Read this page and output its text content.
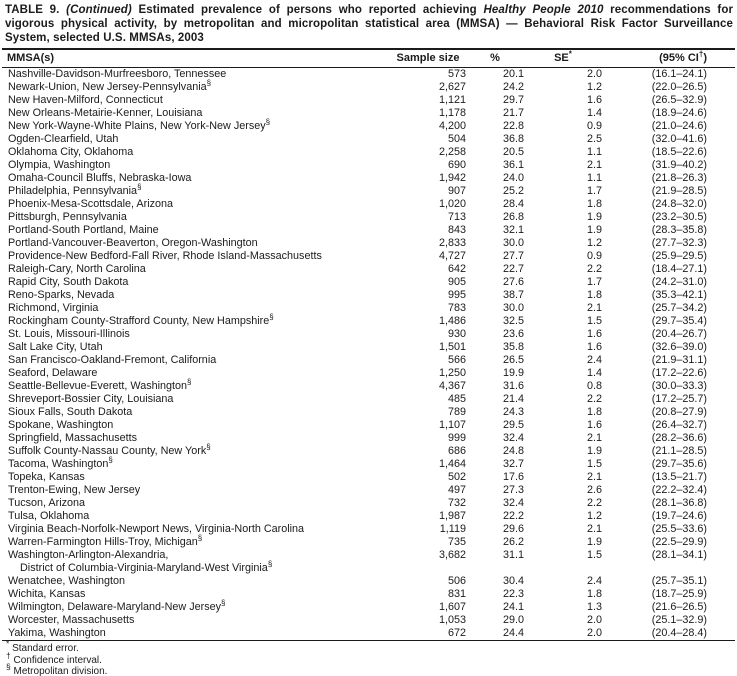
TABLE 9. (Continued) Estimated prevalence of persons who reported achieving Healthy People 2010 recommendations for vigorous physical activity, by metropolitan and micropolitan statistical area (MMSA) — Behavioral Risk Factor Surveillance System, selected U.S. MMSAs, 2003
MMSA(s)	Sample size	%	SE*	(95% CI†)

Nashville-Davidson-Murfreesboro, Tennessee	573	20.1	2.0	(16.1–24.1)

Newark-Union, New Jersey-Pennsylvania§	2,627	24.2	1.2	(22.0–26.5)

New Haven-Milford, Connecticut	1,121	29.7	1.6	(26.5–32.9)

New Orleans-Metairie-Kenner, Louisiana	1,178	21.7	1.4	(18.9–24.6)

New York-Wayne-White Plains, New York-New Jersey§	4,200	22.8	0.9	(21.0–24.6)

Ogden-Clearfield, Utah	504	36.8	2.5	(32.0–41.6)

Oklahoma City, Oklahoma	2,258	20.5	1.1	(18.5–22.6)

Olympia, Washington	690	36.1	2.1	(31.9–40.2)

Omaha-Council Bluffs, Nebraska-Iowa	1,942	24.0	1.1	(21.8–26.3)

Philadelphia, Pennsylvania§	907	25.2	1.7	(21.9–28.5)

Phoenix-Mesa-Scottsdale, Arizona	1,020	28.4	1.8	(24.8–32.0)

Pittsburgh, Pennsylvania	713	26.8	1.9	(23.2–30.5)

Portland-South Portland, Maine	843	32.1	1.9	(28.3–35.8)

Portland-Vancouver-Beaverton, Oregon-Washington	2,833	30.0	1.2	(27.7–32.3)

Providence-New Bedford-Fall River, Rhode Island-Massachusetts	4,727	27.7	0.9	(25.9–29.5)

Raleigh-Cary, North Carolina	642	22.7	2.2	(18.4–27.1)

Rapid City, South Dakota	905	27.6	1.7	(24.2–31.0)

Reno-Sparks, Nevada	995	38.7	1.8	(35.3–42.1)

Richmond, Virginia	783	30.0	2.1	(25.7–34.2)

Rockingham County-Strafford County, New Hampshire§	1,486	32.5	1.5	(29.7–35.4)

St. Louis, Missouri-Illinois	930	23.6	1.6	(20.4–26.7)

Salt Lake City, Utah	1,501	35.8	1.6	(32.6–39.0)

San Francisco-Oakland-Fremont, California	566	26.5	2.4	(21.9–31.1)

Seaford, Delaware	1,250	19.9	1.4	(17.2–22.6)

Seattle-Bellevue-Everett, Washington§	4,367	31.6	0.8	(30.0–33.3)

Shreveport-Bossier City, Louisiana	485	21.4	2.2	(17.2–25.7)

Sioux Falls, South Dakota	789	24.3	1.8	(20.8–27.9)

Spokane, Washington	1,107	29.5	1.6	(26.4–32.7)

Springfield, Massachusetts	999	32.4	2.1	(28.2–36.6)

Suffolk County-Nassau County, New York§	686	24.8	1.9	(21.1–28.5)

Tacoma, Washington§	1,464	32.7	1.5	(29.7–35.6)

Topeka, Kansas	502	17.6	2.1	(13.5–21.7)

Trenton-Ewing, New Jersey	497	27.3	2.6	(22.2–32.4)

Tucson, Arizona	732	32.4	2.2	(28.1–36.8)

Tulsa, Oklahoma	1,987	22.2	1.2	(19.7–24.6)

Virginia Beach-Norfolk-Newport News, Virginia-North Carolina	1,119	29.6	2.1	(25.5–33.6)

Warren-Farmington Hills-Troy, Michigan§	735	26.2	1.9	(22.5–29.9)

Washington-Arlington-Alexandria,
District of Columbia-Virginia-Maryland-West Virginia§	3,682	31.1	1.5	(28.1–34.1)

Wenatchee, Washington	506	30.4	2.4	(25.7–35.1)

Wichita, Kansas	831	22.3	1.8	(18.7–25.9)

Wilmington, Delaware-Maryland-New Jersey§	1,607	24.1	1.3	(21.6–26.5)

Worcester, Massachusetts	1,053	29.0	2.0	(25.1–32.9)

Yakima, Washington	672	24.4	2.0	(20.4–28.4)
* Standard error.
† Confidence interval.
§ Metropolitan division.
